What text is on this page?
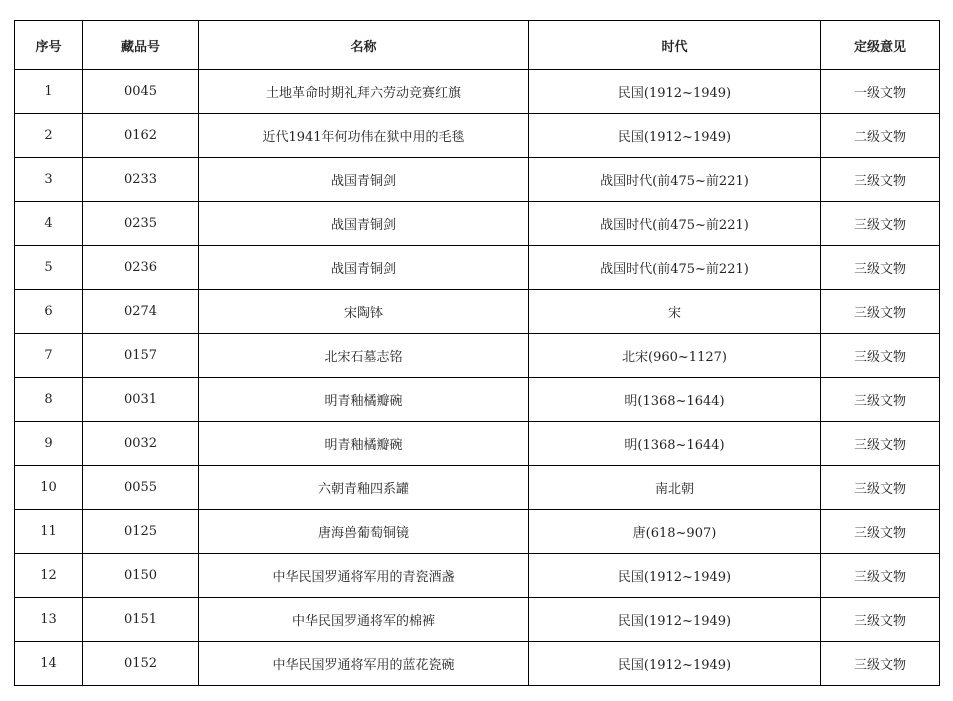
序号	藏品号	名称	时代	定级意见
1	0045	土地革命时期礼拜六劳动竞赛红旗	民国(1912~1949)	一级文物
2	0162	近代1941年何功伟在狱中用的毛毯	民国(1912~1949)	二级文物
3	0233	战国青铜剑	战国时代(前475~前221)	三级文物
4	0235	战国青铜剑	战国时代(前475~前221)	三级文物
5	0236	战国青铜剑	战国时代(前475~前221)	三级文物
6	0274	宋陶钵	宋	三级文物
7	0157	北宋石墓志铭	北宋(960~1127)	三级文物
8	0031	明青釉橘瓣碗	明(1368~1644)	三级文物
9	0032	明青釉橘瓣碗	明(1368~1644)	三级文物
10	0055	六朝青釉四系罐	南北朝	三级文物
11	0125	唐海兽葡萄铜镜	唐(618~907)	三级文物
12	0150	中华民国罗通将军用的青瓷酒盏	民国(1912~1949)	三级文物
13	0151	中华民国罗通将军的棉裤	民国(1912~1949)	三级文物
14	0152	中华民国罗通将军用的蓝花瓷碗	民国(1912~1949)	三级文物
